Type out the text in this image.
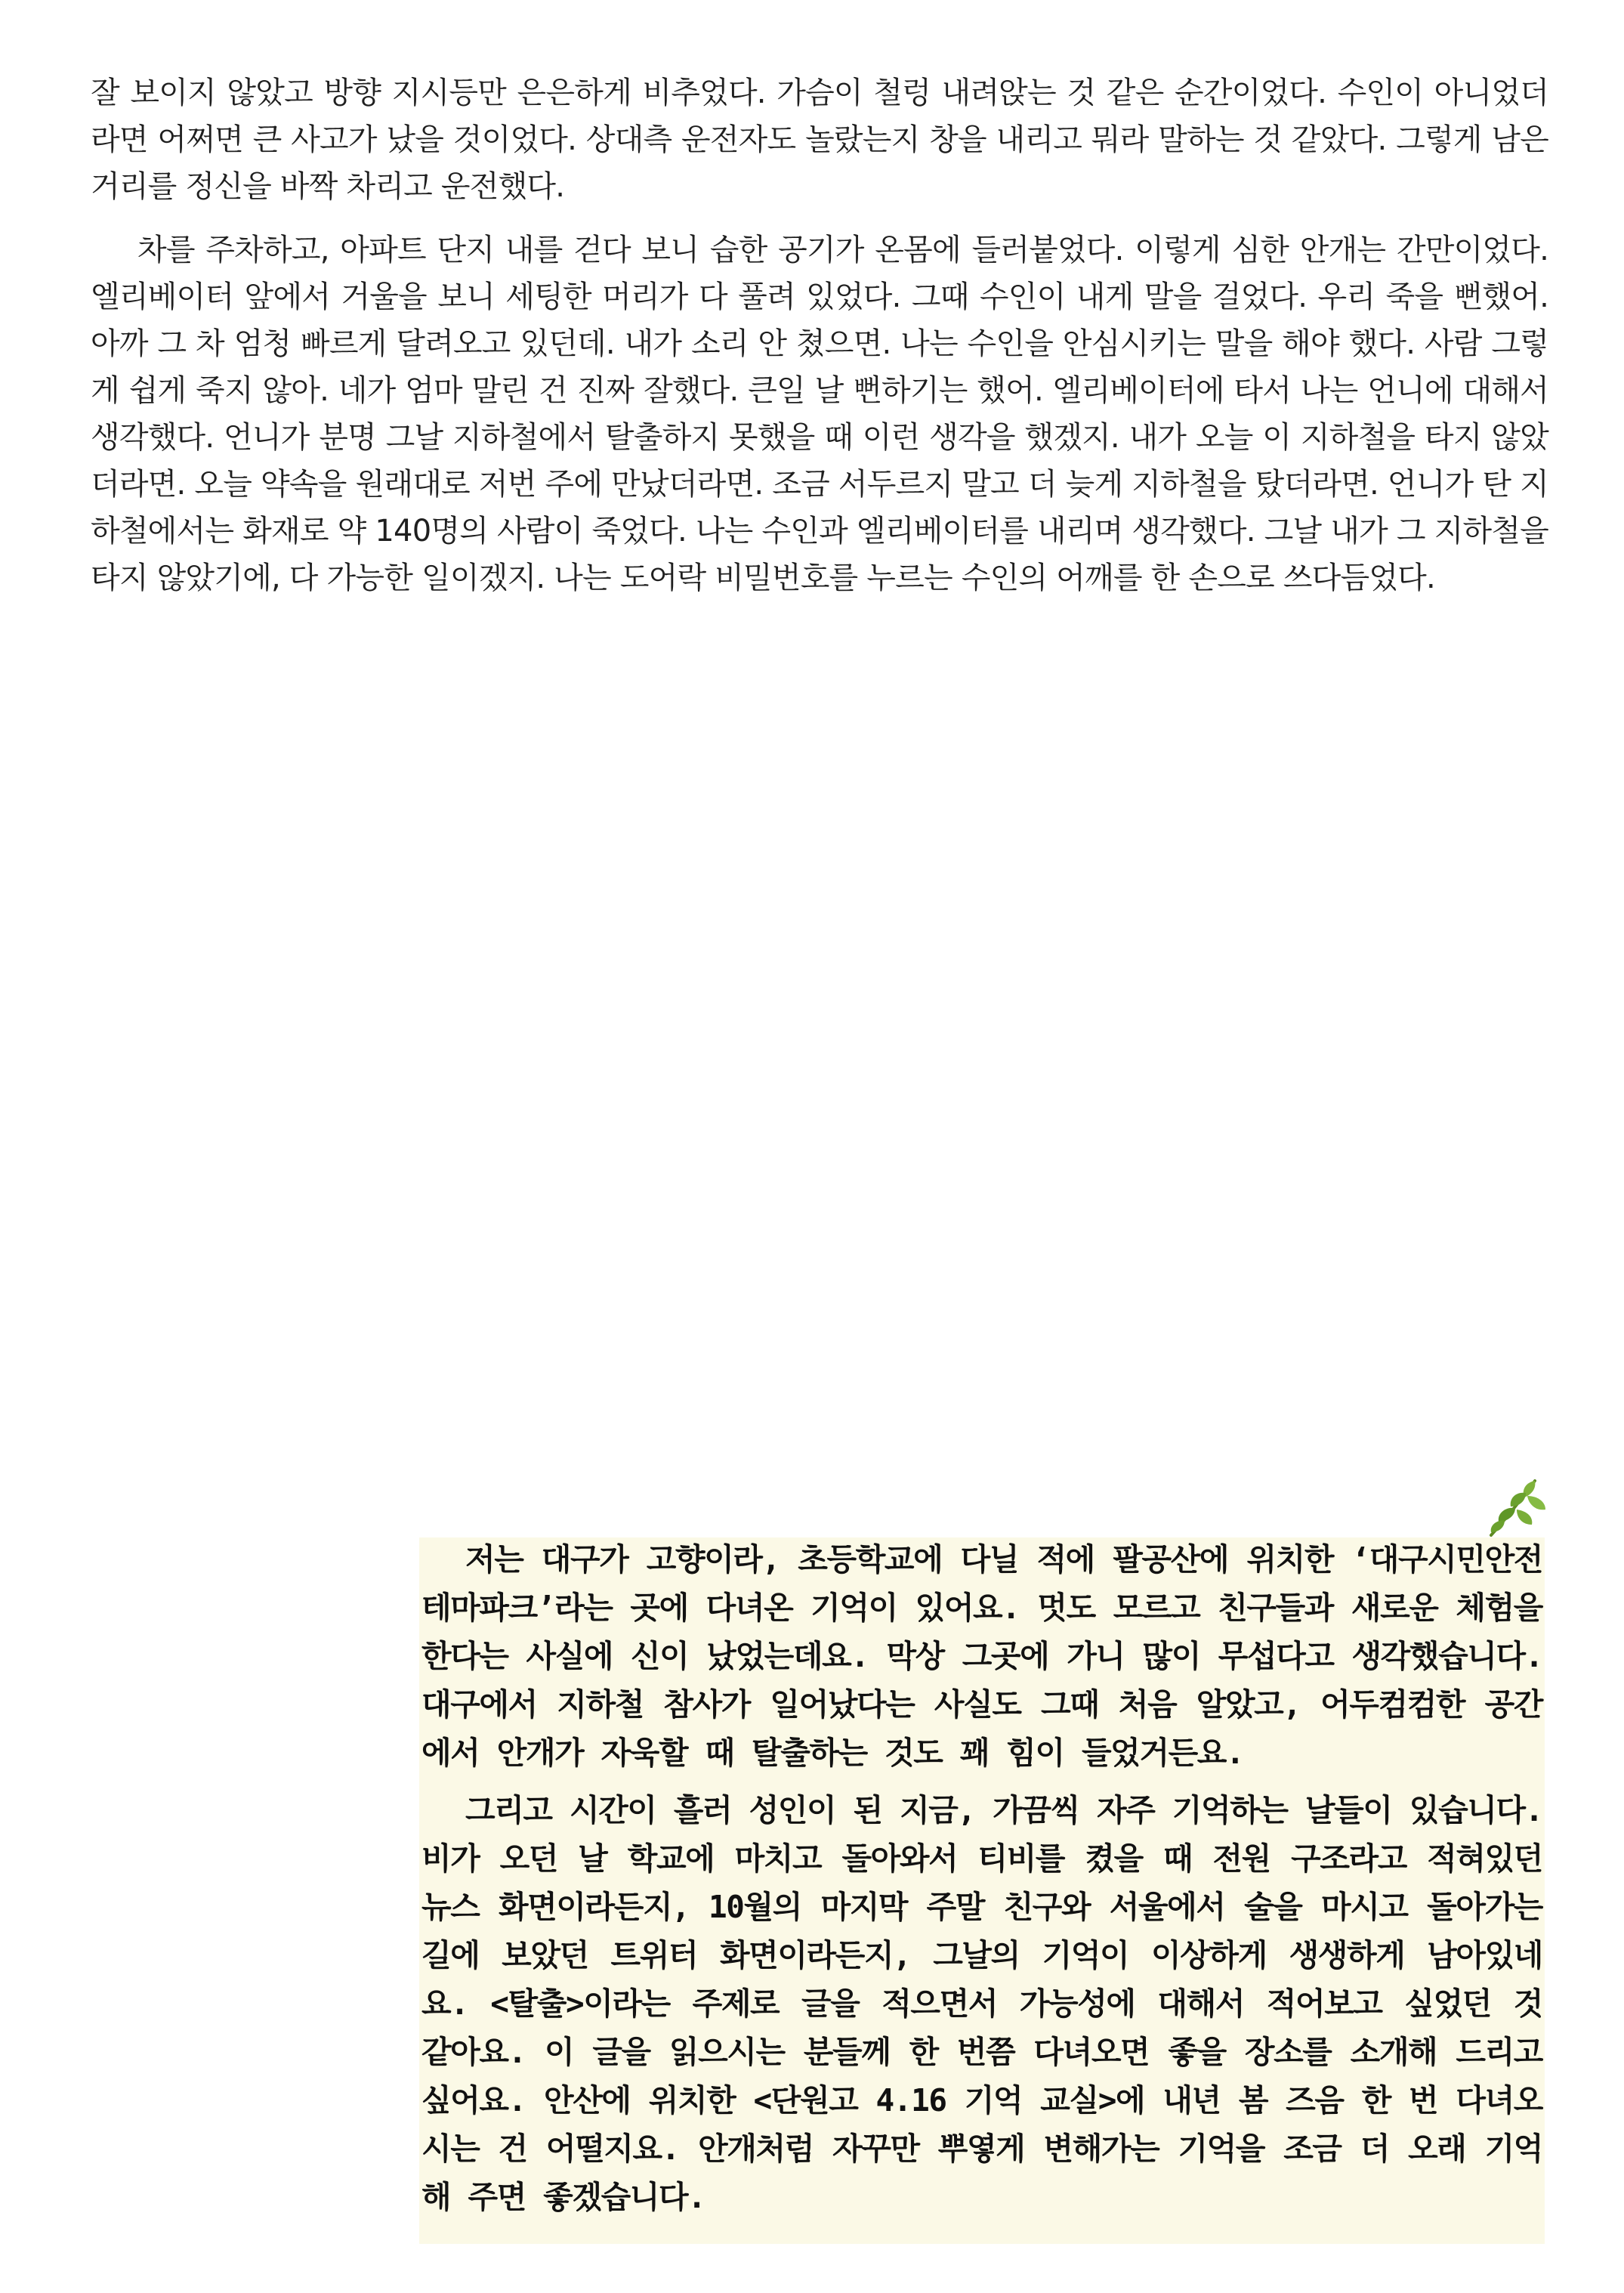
잘 보이지 않았고 방향 지시등만 은은하게 비추었다. 가슴이 철렁 내려앉는 것 같은 순간이었다. 수인이 아니었더라면 어쩌면 큰 사고가 났을 것이었다. 상대측 운전자도 놀랐는지 창을 내리고 뭐라 말하는 것 같았다. 그렇게 남은 거리를 정신을 바짝 차리고 운전했다.

차를 주차하고, 아파트 단지 내를 걷다 보니 습한 공기가 온몸에 들러붙었다. 이렇게 심한 안개는 간만이었다. 엘리베이터 앞에서 거울을 보니 세팅한 머리가 다 풀려 있었다. 그때 수인이 내게 말을 걸었다. 우리 죽을 뻔했어. 아까 그 차 엄청 빠르게 달려오고 있던데. 내가 소리 안 쳤으면. 나는 수인을 안심시키는 말을 해야 했다. 사람 그렇게 쉽게 죽지 않아. 네가 엄마 말린 건 진짜 잘했다. 큰일 날 뻔하기는 했어. 엘리베이터에 타서 나는 언니에 대해서 생각했다. 언니가 분명 그날 지하철에서 탈출하지 못했을 때 이런 생각을 했겠지. 내가 오늘 이 지하철을 타지 않았더라면. 오늘 약속을 원래대로 저번 주에 만났더라면. 조금 서두르지 말고 더 늦게 지하철을 탔더라면. 언니가 탄 지하철에서는 화재로 약 140명의 사람이 죽었다. 나는 수인과 엘리베이터를 내리며 생각했다. 그날 내가 그 지하철을 타지 않았기에, 다 가능한 일이겠지. 나는 도어락 비밀번호를 누르는 수인의 어깨를 한 손으로 쓰다듬었다.

저는 대구가 고향이라, 초등학교에 다닐 적에 팔공산에 위치한 ‘대구시민안전테마파크’라는 곳에 다녀온 기억이 있어요. 멋도 모르고 친구들과 새로운 체험을 한다는 사실에 신이 났었는데요. 막상 그곳에 가니 많이 무섭다고 생각했습니다. 대구에서 지하철 참사가 일어났다는 사실도 그때 처음 알았고, 어두컴컴한 공간에서 안개가 자욱할 때 탈출하는 것도 꽤 힘이 들었거든요.

그리고 시간이 흘러 성인이 된 지금, 가끔씩 자주 기억하는 날들이 있습니다. 비가 오던 날 학교에 마치고 돌아와서 티비를 켰을 때 전원 구조라고 적혀있던 뉴스 화면이라든지, 10월의 마지막 주말 친구와 서울에서 술을 마시고 돌아가는 길에 보았던 트위터 화면이라든지, 그날의 기억이 이상하게 생생하게 남아있네요. <탈출>이라는 주제로 글을 적으면서 가능성에 대해서 적어보고 싶었던 것 같아요. 이 글을 읽으시는 분들께 한 번쯤 다녀오면 좋을 장소를 소개해 드리고 싶어요. 안산에 위치한 <단원고 4.16 기억 교실>에 내년 봄 즈음 한 번 다녀오시는 건 어떨지요. 안개처럼 자꾸만 뿌옇게 변해가는 기억을 조금 더 오래 기억해 주면 좋겠습니다.
